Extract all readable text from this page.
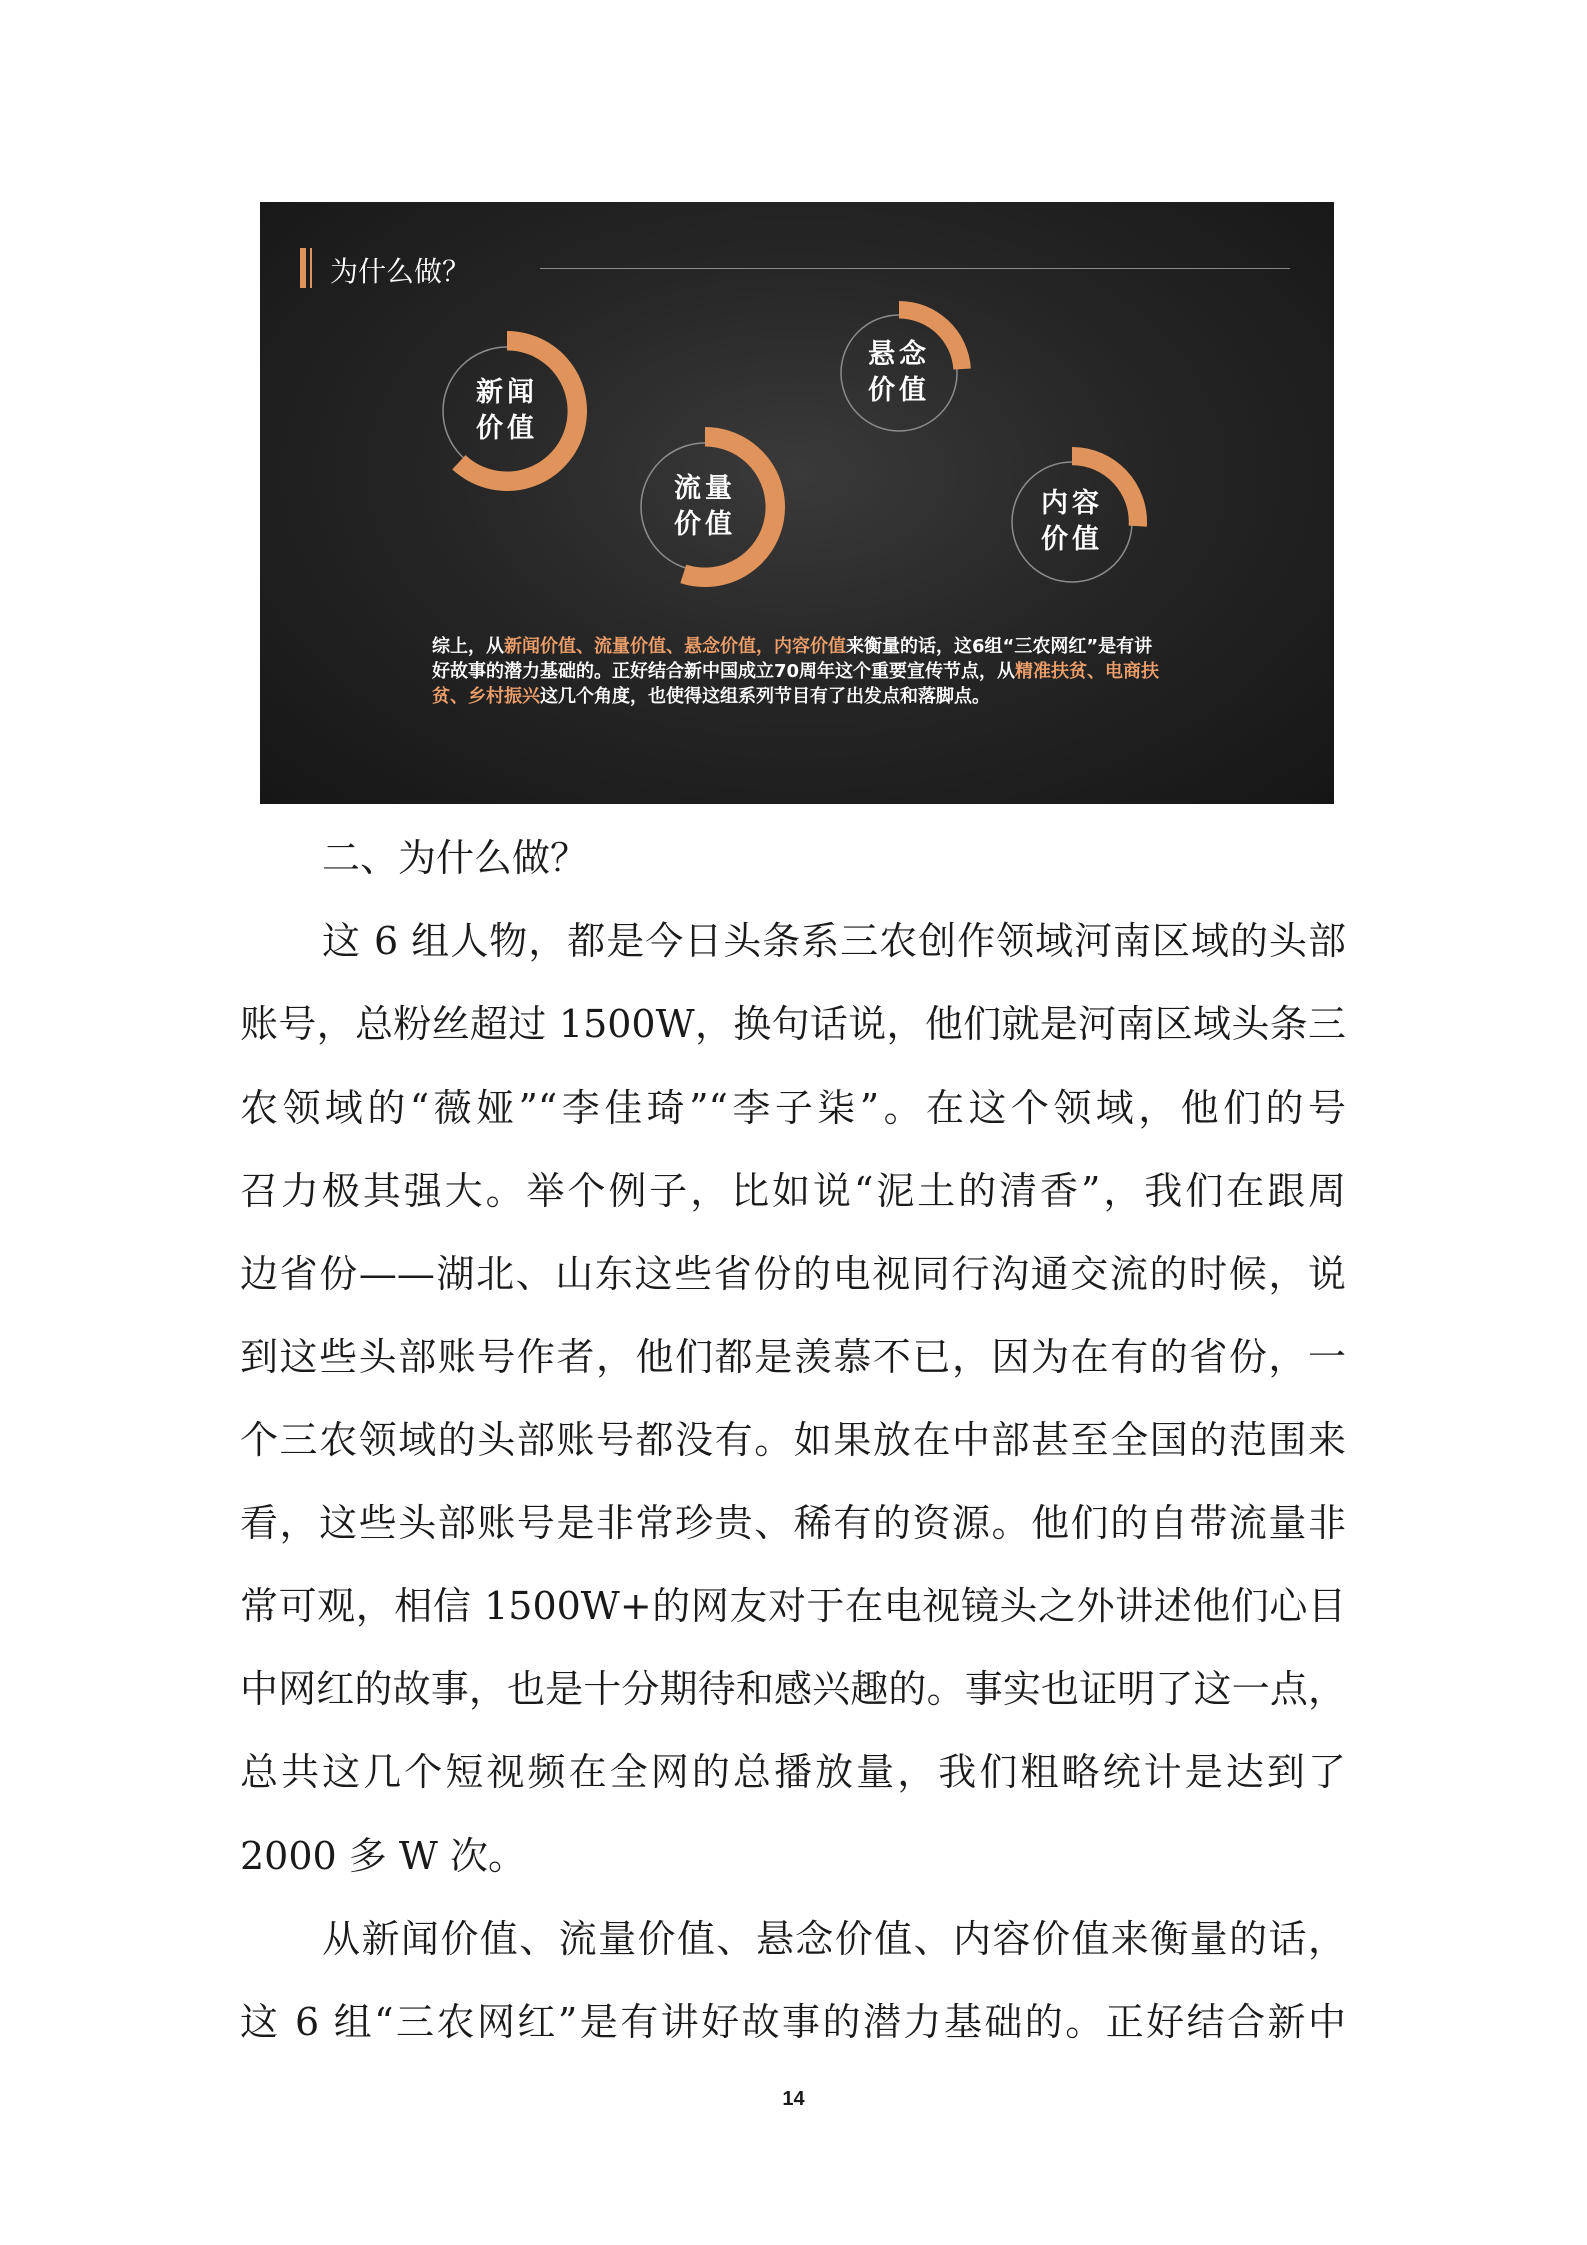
为什么做？
新闻
价值
悬念
价值
流量
价值
内容
价值
综上，从新闻价值、流量价值、悬念价值，内容价值来衡量的话，这6组“三农网红”是有讲好故事的潜力基础的。正好结合新中国成立70周年这个重要宣传节点，从精准扶贫、电商扶贫、乡村振兴这几个角度，也使得这组系列节目有了出发点和落脚点。
二、为什么做？
这 6 组人物，都是今日头条系三农创作领域河南区域的头部
账号，总粉丝超过 1500W，换句话说，他们就是河南区域头条三
农领域的“薇娅”“李佳琦”“李子柒”。在这个领域，他们的号
召力极其强大。举个例子，比如说“泥土的清香”，我们在跟周
边省份——湖北、山东这些省份的电视同行沟通交流的时候，说
到这些头部账号作者，他们都是羡慕不已，因为在有的省份，一
个三农领域的头部账号都没有。如果放在中部甚至全国的范围来
看，这些头部账号是非常珍贵、稀有的资源。他们的自带流量非
常可观，相信 1500W+的网友对于在电视镜头之外讲述他们心目
中网红的故事，也是十分期待和感兴趣的。事实也证明了这一点，
总共这几个短视频在全网的总播放量，我们粗略统计是达到了
2000 多 W 次。
从新闻价值、流量价值、悬念价值、内容价值来衡量的话，
这 6 组“三农网红”是有讲好故事的潜力基础的。正好结合新中
14
